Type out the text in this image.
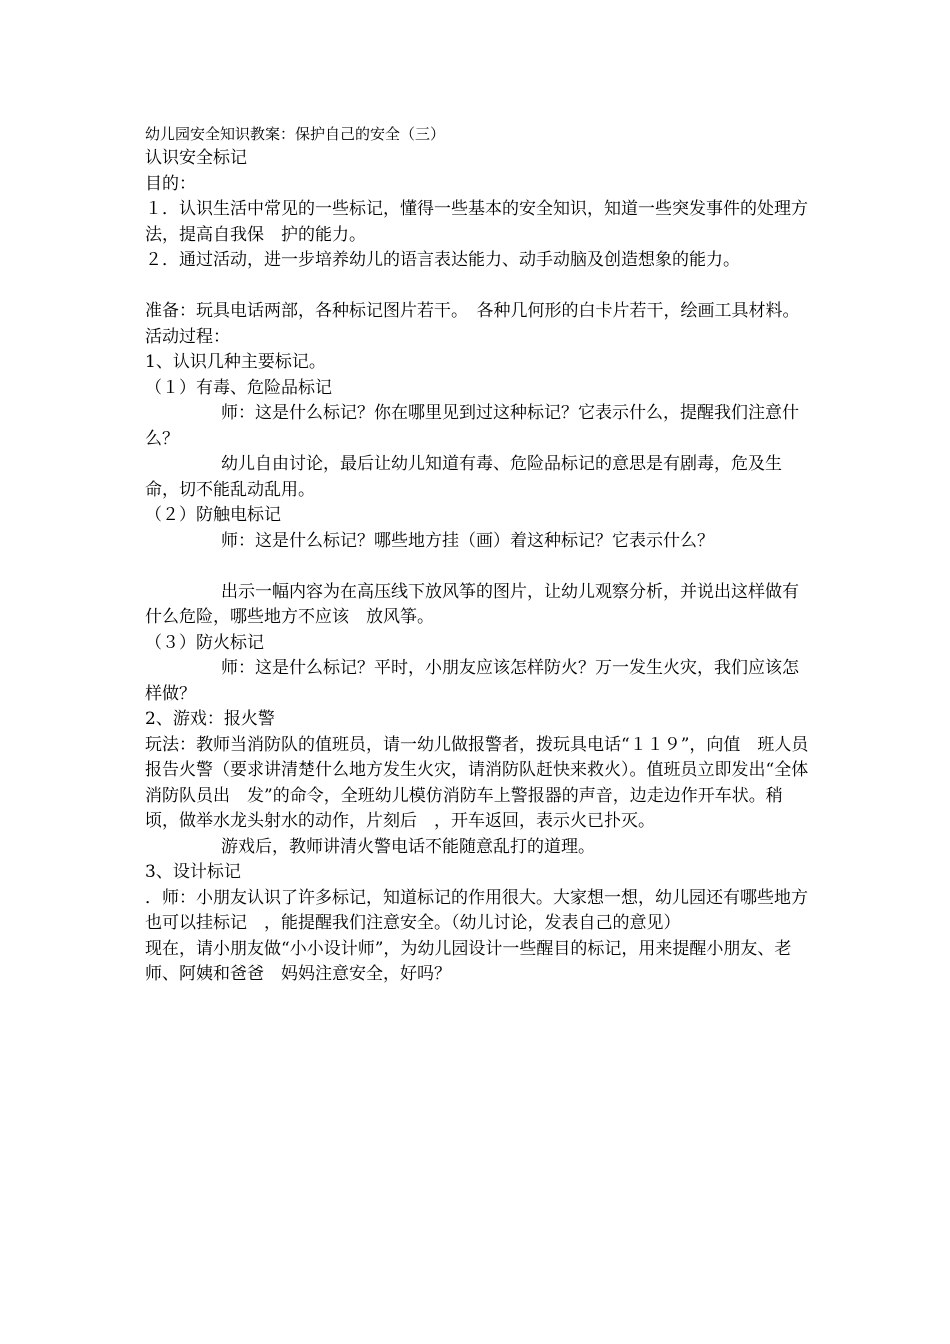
幼儿园安全知识教案：保护自己的安全（三）

认识安全标记

目的：

１．认识生活中常见的一些标记，懂得一些基本的安全知识，知道一些突发事件的处理方法，提高自我保　护的能力。

２．通过活动，进一步培养幼儿的语言表达能力、动手动脑及创造想象的能力。

准备：玩具电话两部，各种标记图片若干。　各种几何形的白卡片若干，绘画工具材料。

活动过程：

1、认识几种主要标记。

（１）有毒、危险品标记

师：这是什么标记？你在哪里见到过这种标记？它表示什么，提醒我们注意什么？

幼儿自由讨论，最后让幼儿知道有毒、危险品标记的意思是有剧毒，危及生命，切不能乱动乱用。

（２）防触电标记

师：这是什么标记？哪些地方挂（画）着这种标记？它表示什么？

出示一幅内容为在高压线下放风筝的图片，让幼儿观察分析，并说出这样做有什么危险，哪些地方不应该　放风筝。

（３）防火标记

师：这是什么标记？平时，小朋友应该怎样防火？万一发生火灾，我们应该怎样做？

2、游戏：报火警

玩法：教师当消防队的值班员，请一幼儿做报警者，拨玩具电话“１１９”，向值　班人员报告火警（要求讲清楚什么地方发生火灾，请消防队赶快来救火）。值班员立即发出“全体消防队员出　发”的命令，全班幼儿模仿消防车上警报器的声音，边走边作开车状。稍顷，做举水龙头射水的动作，片刻后　，开车返回，表示火已扑灭。

游戏后，教师讲清火警电话不能随意乱打的道理。

3、设计标记

．师：小朋友认识了许多标记，知道标记的作用很大。大家想一想，幼儿园还有哪些地方也可以挂标记　，能提醒我们注意安全。（幼儿讨论，发表自己的意见）

现在，请小朋友做“小小设计师”，为幼儿园设计一些醒目的标记，用来提醒小朋友、老师、阿姨和爸爸　妈妈注意安全，好吗？
